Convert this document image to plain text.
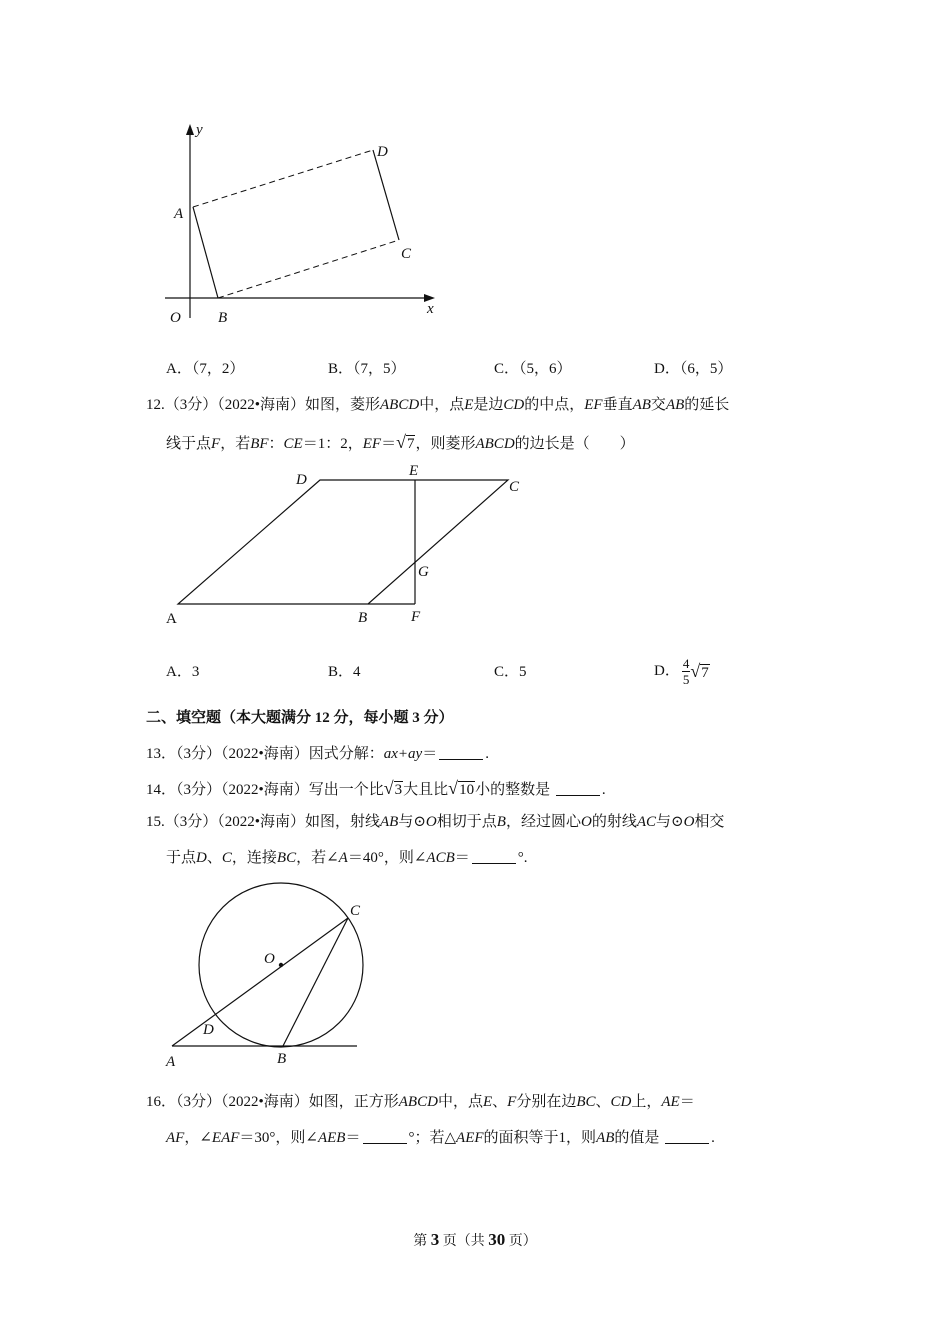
y
x
O
A
B
D
C
A．（7，2）	B．（7，5）	C．（5，6）	D．（6，5）
12.（3分）（2022•海南）如图，菱形ABCD中，点E是边CD的中点，EF垂直AB交AB的延长
线于点F，若BF：CE＝1：2，EF＝√7，则菱形ABCD的边长是（　　）
D
E
C
G
A	B	F
A．3	B．4	C．5	D． $\frac{4}{5} √7$
二、填空题（本大题满分 12 分，每小题 3 分）
13．（3分）（2022•海南）因式分解：ax+ay＝	.
14．（3分）（2022•海南）写出一个比√3大且比√10小的整数是	.
15.（3分）（2022•海南）如图，射线AB与⊙O相切于点B，经过圆心O的射线AC与⊙O相交
于点D、C，连接BC，若∠A＝40°，则∠ACB＝	°.
O
C
D
A	B
16．（3分）（2022•海南）如图，正方形ABCD中，点E、F分别在边BC、CD上，AE＝
AF，∠EAF＝30°，则∠AEB＝	°；若△AEF的面积等于1，则AB的值是	.
第 3 页（共 30 页）
